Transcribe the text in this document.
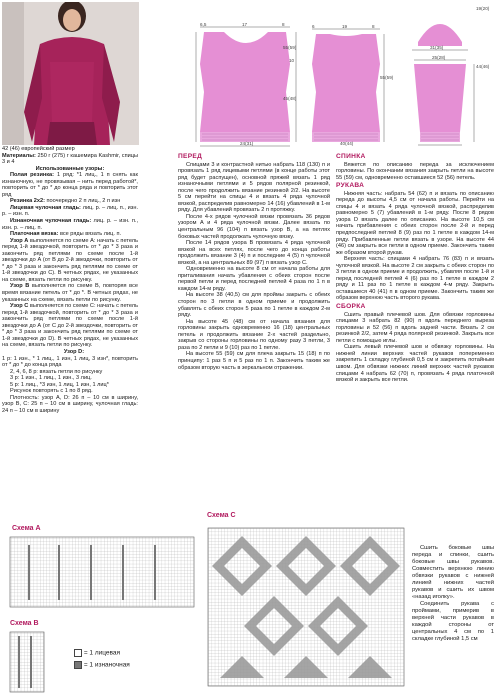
42 (46) европейский размер

Материалы: 250 г (275) г кашемира Kashmir, спицы 3 и 4

Использованные узоры:

Полая резинка: 1 ряд: *1 лиц., 1 п снять как изнаночную, не провязывая – нить перед работой*, повторить от * до * до конца ряда и повторить этот ряд

Резинка 2x2: поочередно 2 п лиц., 2 п изн

Лицевая чулочная гладь: лиц. р. – лиц. п., изн. р. – изн. п.

Изнаночная чулочная гладь: лиц. р. – изн. п., изн. р. – лиц. п.

Платочная вязка: все ряды вязать лиц. п.

Узор А выполняется по схеме А: начать с петель перед 1-й звездочкой, повторить от * до * 3 раза и закончить ряд петлями по схеме после 1-й звездочки до А (от В до 2-й звездочки, повторить от * до * 3 раза и закончить ряд петлями по схеме от 1-й звездочки до С). В четных рядах, не указанных на схеме, вязать петли по рисунку.

Узор B выполняется по схеме В, повторяя все время вязание петель от * до *. В четных рядах, не указанных на схеме, вязать петли по рисунку.

Узор C выполняется по схеме С: начать с петель перед 1-й звездочкой, повторить от * до * 3 раза и закончить ряд петлями по схеме после 1-й звездочки до А (от С до 2-й звездочки, повторить от * до * 3 раза и закончить ряд петлями по схеме от 1-й звездочки до D). В четных рядах, не указанных на схеме, вязать петли по рисунку.

Узор D:

1 р: 1 изн., * 1 лиц., 1 изн, 1 лиц, 3 изн*, повторить от * до * до конца ряда

2, 4, 6, 8 р: вязать петли по рисунку

3 р: 1 изн., 1 лиц., 1 изн., 3 лиц.

5 р: 1 лиц., *3 изн, 1 лиц, 1 изн, 1 лиц*

Рисунок повторять с 1 по 8 ряд.

Плотность: узор А, D: 26 п – 10 см в ширину, узор В, С: 25 п – 10 см в ширину, чулочная гладь: 24 п – 10 см в ширину

6,5	17	8
55(59)
10
45(48)
24(31)
6	19	8
55(59)
40(44)
19(20)
31(35)
25(28)
44(46)
ПЕРЕД

Спицами 3 и контрастной нитью набрать 118 (130) п и провязать 1 ряд лицевыми петлями (в конце работы этот ряд будет распущен), основной пряжей вязать 1 ряд изнаночными петлями и 5 рядов полярной резинкой, после чего продолжить вязание резинкой 2/2. На высоте 5 см перейти на спицы 4 и вязать 4 ряда чулочной вязкой, распределив равномерно 14 (16) убавлений в 1-м ряду. Для убавлений провязать 2 п протяжку.

После 4-х рядов чулочной вязки провязать 36 рядов узором А и 4 ряда чулочной вязки. Далее вязать по центральным 96 (104) п вязать узор В, а на петлях боковых частей продолжать чулочную вязку.

После 14 рядов узора В провязать 4 ряда чулочной вязкой на всех петлях, после чего до конца работы продолжить вязание 3 (4) п и последние 4 (5) п чулочной вязкой, а на центральных 89 (97) п вязать узор С.

Одновременно на высоте 8 см от начала работы для приталивания начать убавления с обеих сторон после первой петли и перед последней петлей 4 раза по 1 п в каждом 14-м ряду.

На высоте 38 (40,5) см для проймы закрыть с обеих сторон по 3 петли в одном приеме и продолжить убавлять с обеих сторон 5 раза по 1 петле в каждом 2-м ряду.

На высоте 45 (48) см от начала вязания для горловины закрыть одновременно 16 (18) центральных петель и продолжить вязание 2-х частей раздельно, закрыв со стороны горловины по одному разу 3 петли, 3 раза по 2 петли и 9 (10) раз по 1 петле.

На высоте 55 (59) см для плеча закрыть 15 (18) п по принципу: 1 раз 5 п и 5 раз по 1 п. Закончить таким же образом вторую часть в зеркальном отражении.

СПИНКА

Вяжется по описанию переда за исключением горловины. По окончании вязания закрыть петли на высоте 55 (59) см, одновременно оставшиеся 52 (56) петель.

РУКАВА

Нижняя часть: набрать 54 (62) п и вязать по описанию переда до высоты 4,5 см от начала работы. Перейти на спицы 4 и вязать 4 ряда чулочной вязкой, распределив равномерно 5 (7) убавлений в 1-м ряду. После 8 рядов узора D вязать далее по описанию. На высоте 10,5 см начать прибавления с обеих сторон после 2-й и перед предпоследней петлей 8 (9) раз по 1 петле в каждом 14-м ряду. Прибавленные петли вязать в узоре. На высоте 44 (46) см закрыть все петли в одном приеме. Закончить таким же образом второй рукав.

Верхняя часть: спицами 4 набрать 76 (83) п и вязать чулочной вязкой. На высоте 2 см закрыть с обеих сторон по 3 петли в одном приеме и продолжить, убавляя после 1-й и перед последней петлей 4 (6) раз по 1 петле в каждом 2 ряду и 11 раз по 1 петле в каждом 4-м ряду. Закрыть оставшиеся 40 (41) п в одном приеме. Закончить таким же образом верхнюю часть второго рукава.

СБОРКА

Сшить правый плечевой шов. Для обвязки горловины спицами 3 набрать 82 (90) п вдоль переднего выреза горловины и 52 (56) п вдоль задней части. Вязать 2 см резинкой 2/2, затем 4 ряда полярной резинкой. Закрыть все петли с помощью иглы.

Сшить левый плечевой шов и обвязку горловины. На нижней линии верхних частей рукавов попеременно закрепить 1 складку глубиной 0,5 см и закрепить потайным швом. Для обвязки нижних линий верхних частей рукавов спицами 4 набрать 62 (70) п, провязать 4 ряда платочной вязкой и закрыть все петли.

Сшить боковые швы переда и спинки, сшить боковые швы рукавов. Совместить верхнюю линию обвязки рукавов с нижней линией нижних частей рукавов и сшить их швом «назад иголку».

Соединить рукава с проймами, примерив в верхней части рукавов в каждой стороны от центральных 4 см по 1 складке глубиной 1,5 см

Схема А
Схема В
= 1 лицевая
= 1 изнаночная
Схема С
